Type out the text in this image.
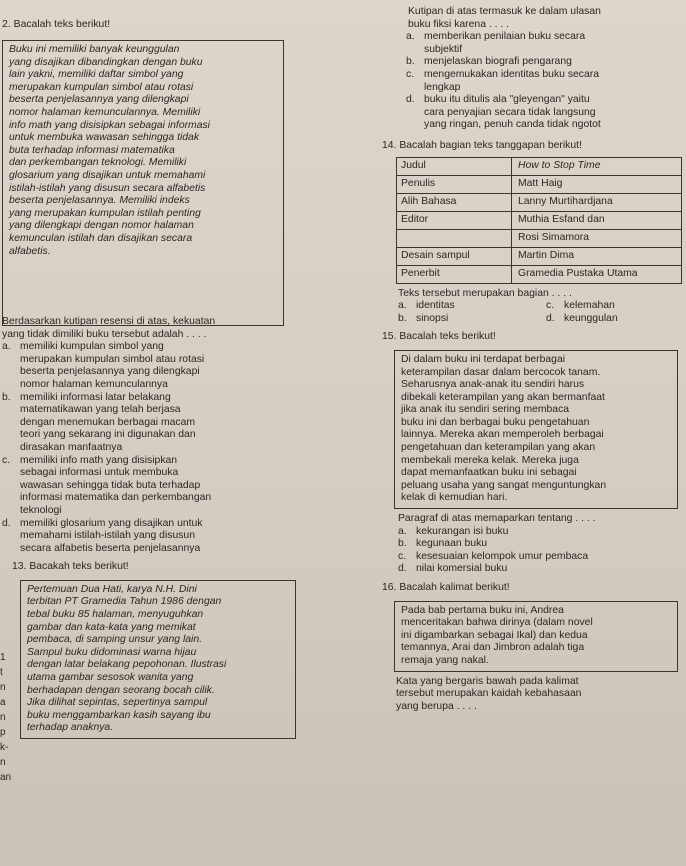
2. Bacalah teks berikut!
Buku ini memiliki banyak keunggulan
yang disajikan dibandingkan dengan buku
lain yakni, memiliki daftar simbol yang
merupakan kumpulan simbol atau rotasi
beserta penjelasannya yang dilengkapi
nomor halaman kemunculannya. Memiliki
info math yang disisipkan sebagai informasi
untuk membuka wawasan sehingga tidak
buta terhadap informasi matematika
dan perkembangan teknologi. Memiliki
glosarium yang disajikan untuk memahami
istilah-istilah yang disusun secara alfabetis
beserta penjelasannya. Memiliki indeks
yang merupakan kumpulan istilah penting
yang dilengkapi dengan nomor halaman
kemunculan istilah dan disajikan secara
alfabetis.
Berdasarkan kutipan resensi di atas, kekuatan
yang tidak dimiliki buku tersebut adalah . . . .
a. memiliki kumpulan simbol yang
merupakan kumpulan simbol atau rotasi
beserta penjelasannya yang dilengkapi
nomor halaman kemunculannya
b. memiliki informasi latar belakang
matematikawan yang telah berjasa
dengan menemukan berbagai macam
teori yang sekarang ini digunakan dan
dirasakan manfaatnya
c. memiliki info math yang disisipkan
sebagai informasi untuk membuka
wawasan sehingga tidak buta terhadap
informasi matematika dan perkembangan
teknologi
d. memiliki glosarium yang disajikan untuk
memahami istilah-istilah yang disusun
secara alfabetis beserta penjelasannya
13. Bacakah teks berikut!
Pertemuan Dua Hati, karya N.H. Dini
terbitan PT Gramedia Tahun 1986 dengan
tebal buku 85 halaman, menyuguhkan
gambar dan kata-kata yang memikat
pembaca, di samping unsur yang lain.
Sampul buku didominasi warna hijau
dengan latar belakang pepohonan. Ilustrasi
utama gambar sesosok wanita yang
berhadapan dengan seorang bocah cilik.
Jika dilihat sepintas, sepertinya sampul
buku menggambarkan kasih sayang ibu
terhadap anaknya.
Kutipan di atas termasuk ke dalam ulasan
buku fiksi karena . . . .
a. memberikan penilaian buku secara
subjektif
b. menjelaskan biografi pengarang
c. mengemukakan identitas buku secara
lengkap
d. buku itu ditulis ala "gleyengan" yaitu
cara penyajian secara tidak langsung
yang ringan, penuh canda tidak ngotot
14. Bacalah bagian teks tanggapan berikut!
Judul	How to Stop Time
Penulis	Matt Haig
Alih Bahasa	Lanny Murtihardjana
Editor	Muthia Esfand dan
Rosi Simamora
Desain sampul	Martin Dima
Penerbit	Gramedia Pustaka Utama
Teks tersebut merupakan bagian . . . .
a. identitas	c. kelemahan
b. sinopsi	d. keunggulan
15. Bacalah teks berikut!
Di dalam buku ini terdapat berbagai
keterampilan dasar dalam bercocok tanam.
Seharusnya anak-anak itu sendiri harus
dibekali keterampilan yang akan bermanfaat
jika anak itu sendiri sering membaca
buku ini dan berbagai buku pengetahuan
lainnya. Mereka akan memperoleh berbagai
pengetahuan dan keterampilan yang akan
membekali mereka kelak. Mereka juga
dapat memanfaatkan buku ini sebagai
peluang usaha yang sangat menguntungkan
kelak di kemudian hari.
Paragraf di atas memaparkan tentang . . . .
a. kekurangan isi buku
b. kegunaan buku
c. kesesuaian kelompok umur pembaca
d. nilai komersial buku
16. Bacalah kalimat berikut!
Pada bab pertama buku ini, Andrea
menceritakan bahwa dirinya (dalam novel
ini digambarkan sebagai Ikal) dan kedua
temannya, Arai dan Jimbron adalah tiga
remaja yang nakal.
Kata yang bergaris bawah pada kalimat
tersebut merupakan kaidah kebahasaan
yang berupa . . . .
1
t
n
a
n
p
k-
n
an
